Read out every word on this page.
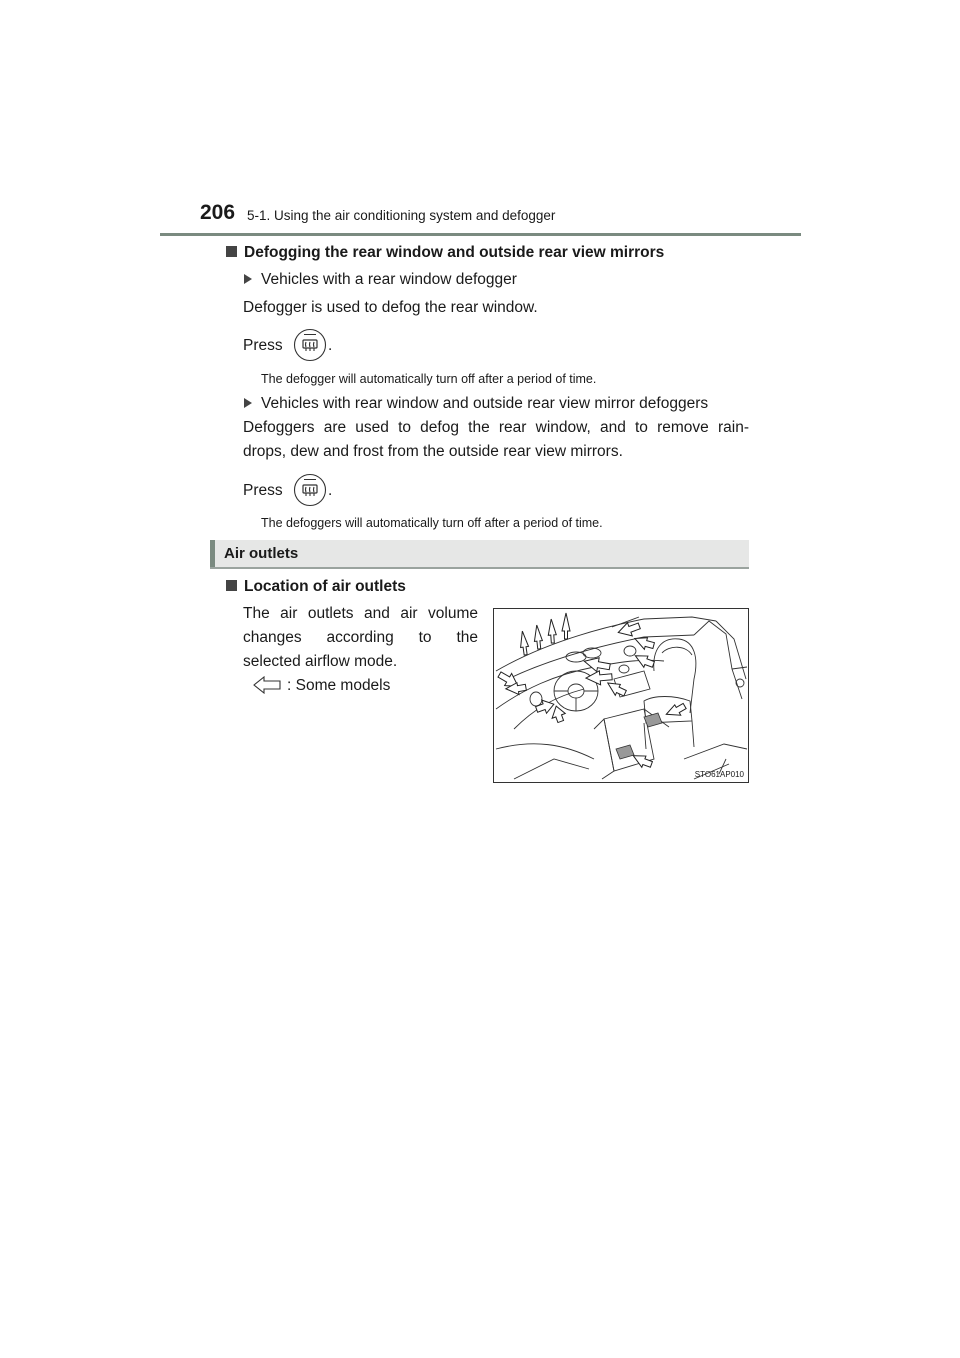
206 5-1. Using the air conditioning system and defogger
Defogging the rear window and outside rear view mirrors
Vehicles with a rear window defogger
Defogger is used to defog the rear window.
Press	.
The defogger will automatically turn off after a period of time.
Vehicles with rear window and outside rear view mirror defoggers
Defoggers are used to defog the rear window, and to remove rain-
drops, dew and frost from the outside rear view mirrors.
Press	.
The defoggers will automatically turn off after a period of time.
Air outlets
Location of air outlets
The air outlets and air volume
changes according to the
selected airflow mode.
: Some models
STO61AP010
